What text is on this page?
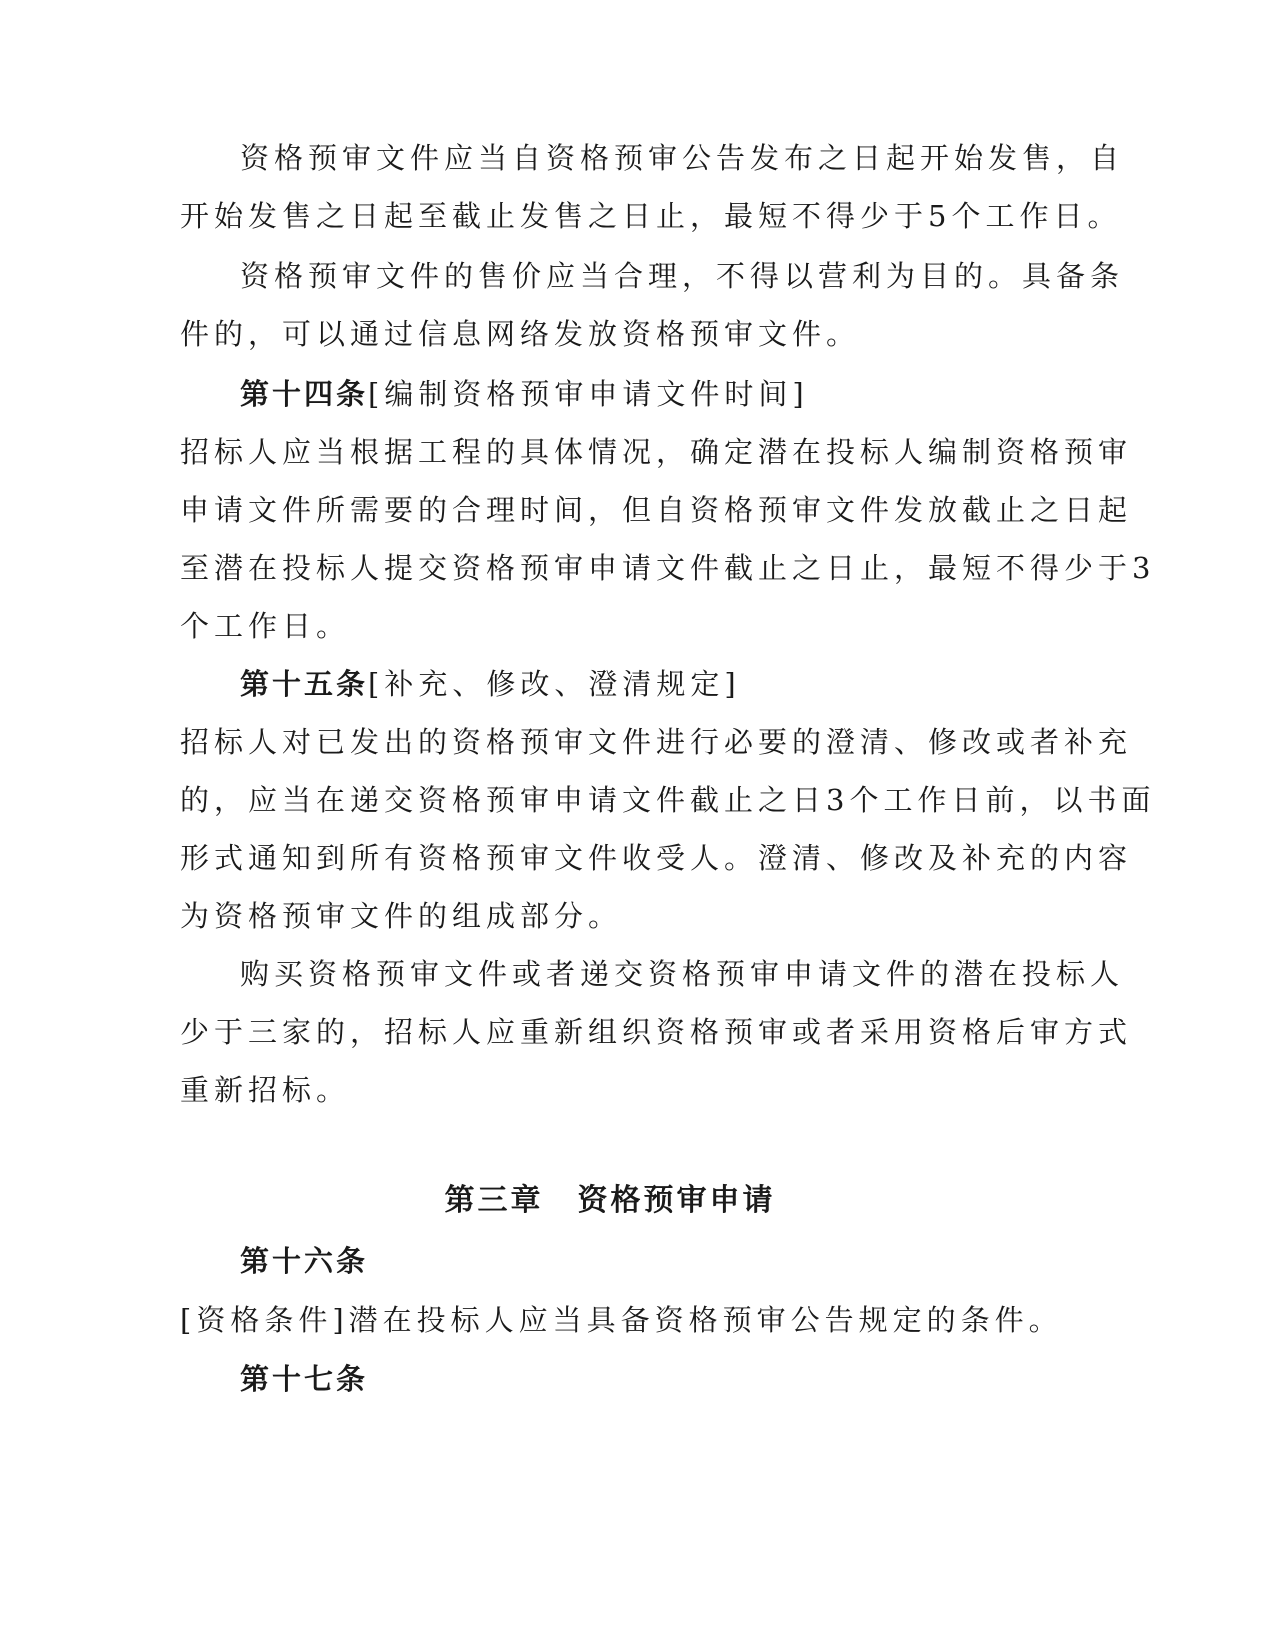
资格预审文件应当自资格预审公告发布之日起开始发售，自
开始发售之日起至截止发售之日止，最短不得少于5个工作日。
资格预审文件的售价应当合理，不得以营利为目的。具备条
件的，可以通过信息网络发放资格预审文件。
第十四条[编制资格预审申请文件时间]
招标人应当根据工程的具体情况，确定潜在投标人编制资格预审
申请文件所需要的合理时间，但自资格预审文件发放截止之日起
至潜在投标人提交资格预审申请文件截止之日止，最短不得少于3
个工作日。
第十五条[补充、修改、澄清规定]
招标人对已发出的资格预审文件进行必要的澄清、修改或者补充
的，应当在递交资格预审申请文件截止之日3个工作日前，以书面
形式通知到所有资格预审文件收受人。澄清、修改及补充的内容
为资格预审文件的组成部分。
购买资格预审文件或者递交资格预审申请文件的潜在投标人
少于三家的，招标人应重新组织资格预审或者采用资格后审方式
重新招标。
第三章 资格预审申请
第十六条
[资格条件]潜在投标人应当具备资格预审公告规定的条件。
第十七条
